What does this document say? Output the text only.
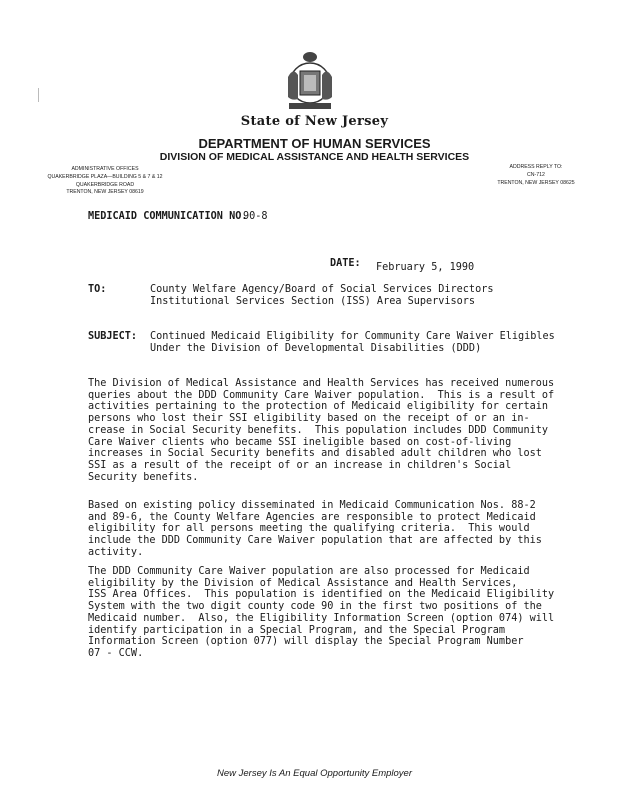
State of New Jersey
DEPARTMENT OF HUMAN SERVICES
DIVISION OF MEDICAL ASSISTANCE AND HEALTH SERVICES
ADMINISTRATIVE OFFICES
QUAKERBRIDGE PLAZA—BUILDING 5 & 7 & 12
QUAKERBRIDGE ROAD
TRENTON, NEW JERSEY 08619
ADDRESS REPLY TO:
CN-712
TRENTON, NEW JERSEY 08625
MEDICAID COMMUNICATION NO.
90-8
DATE: February 5, 1990
TO:	County Welfare Agency/Board of Social Services Directors
Institutional Services Section (ISS) Area Supervisors
SUBJECT: Continued Medicaid Eligibility for Community Care Waiver Eligibles
Under the Division of Developmental Disabilities (DDD)
The Division of Medical Assistance and Health Services has received numerous
queries about the DDD Community Care Waiver population.  This is a result of
activities pertaining to the protection of Medicaid eligibility for certain
persons who lost their SSI eligibility based on the receipt of or an in-
crease in Social Security benefits.  This population includes DDD Community
Care Waiver clients who became SSI ineligible based on cost-of-living
increases in Social Security benefits and disabled adult children who lost
SSI as a result of the receipt of or an increase in children's Social
Security benefits.
Based on existing policy disseminated in Medicaid Communication Nos. 88-2
and 89-6, the County Welfare Agencies are responsible to protect Medicaid
eligibility for all persons meeting the qualifying criteria.  This would
include the DDD Community Care Waiver population that are affected by this
activity.
The DDD Community Care Waiver population are also processed for Medicaid
eligibility by the Division of Medical Assistance and Health Services,
ISS Area Offices.  This population is identified on the Medicaid Eligibility
System with the two digit county code 90 in the first two positions of the
Medicaid number.  Also, the Eligibility Information Screen (option 074) will
identify participation in a Special Program, and the Special Program
Information Screen (option 077) will display the Special Program Number
07 - CCW.
New Jersey Is An Equal Opportunity Employer
